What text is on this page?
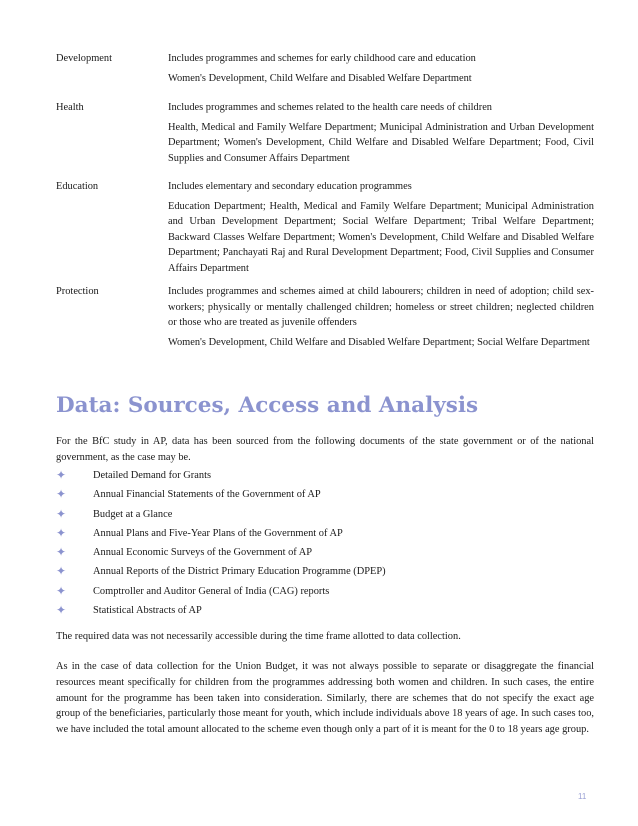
Development	Includes programmes and schemes for early childhood care and education

Women's Development, Child Welfare and Disabled Welfare Department

Health	Includes programmes and schemes related to the health care needs of children

Health, Medical and Family Welfare Department; Municipal Administration and Urban Development Department; Women's Development, Child Welfare and Disabled Welfare Department; Food, Civil Supplies and Consumer Affairs Department

Education	Includes elementary and secondary education programmes

Education Department; Health, Medical and Family Welfare Department; Municipal Administration and Urban Development Department; Social Welfare Department; Tribal Welfare Department; Backward Classes Welfare Department; Women's Development, Child Welfare and Disabled Welfare Department; Panchayati Raj and Rural Development Department; Food, Civil Supplies and Consumer Affairs Department

Protection	Includes programmes and schemes aimed at child labourers; children in need of adoption; child sex-workers; physically or mentally challenged children; homeless or street children; neglected children or those who are treated as juvenile offenders

Women's Development, Child Welfare and Disabled Welfare Department; Social Welfare Department

Data: Sources, Access and Analysis

For the BfC study in AP, data has been sourced from the following documents of the state government or of the national government, as the case may be.

✦	Detailed Demand for Grants
✦	Annual Financial Statements of the Government of AP
✦	Budget at a Glance
✦	Annual Plans and Five-Year Plans of the Government of AP
✦	Annual Economic Surveys of the Government of AP
✦	Annual Reports of the District Primary Education Programme (DPEP)
✦	Comptroller and Auditor General of India (CAG) reports
✦	Statistical Abstracts of AP

The required data was not necessarily accessible during the time frame allotted to data collection.

As in the case of data collection for the Union Budget, it was not always possible to separate or disaggregate the financial resources meant specifically for children from the programmes addressing both women and children. In such cases, the entire amount for the programme has been taken into consideration. Similarly, there are schemes that do not specify the exact age group of the beneficiaries, particularly those meant for youth, which include individuals above 18 years of age. In such cases too, we have included the total amount allocated to the scheme even though only a part of it is meant for the 0 to 18 years age group.

11
